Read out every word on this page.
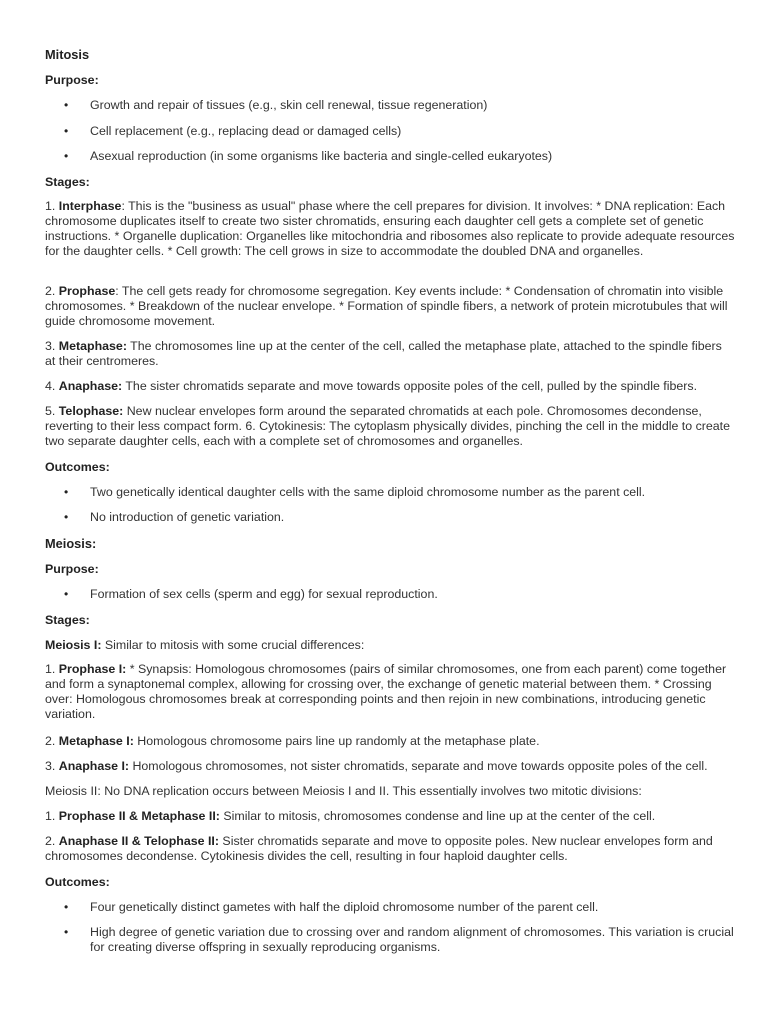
Mitosis

Purpose:

•	Growth and repair of tissues (e.g., skin cell renewal, tissue regeneration)

•	Cell replacement (e.g., replacing dead or damaged cells)

•	Asexual reproduction (in some organisms like bacteria and single-celled eukaryotes)

Stages:

1. Interphase: This is the "business as usual" phase where the cell prepares for division. It involves: * DNA replication: Each chromosome duplicates itself to create two sister chromatids, ensuring each daughter cell gets a complete set of genetic instructions. * Organelle duplication: Organelles like mitochondria and ribosomes also replicate to provide adequate resources for the daughter cells. * Cell growth: The cell grows in size to accommodate the doubled DNA and organelles.

2. Prophase: The cell gets ready for chromosome segregation. Key events include: * Condensation of chromatin into visible chromosomes. * Breakdown of the nuclear envelope. * Formation of spindle fibers, a network of protein microtubules that will guide chromosome movement.

3. Metaphase: The chromosomes line up at the center of the cell, called the metaphase plate, attached to the spindle fibers at their centromeres.

4. Anaphase: The sister chromatids separate and move towards opposite poles of the cell, pulled by the spindle fibers.

5. Telophase: New nuclear envelopes form around the separated chromatids at each pole. Chromosomes decondense, reverting to their less compact form. 6. Cytokinesis: The cytoplasm physically divides, pinching the cell in the middle to create two separate daughter cells, each with a complete set of chromosomes and organelles.

Outcomes:

•	Two genetically identical daughter cells with the same diploid chromosome number as the parent cell.

•	No introduction of genetic variation.

Meiosis:

Purpose:

•	Formation of sex cells (sperm and egg) for sexual reproduction.

Stages:

Meiosis I: Similar to mitosis with some crucial differences:

1. Prophase I: * Synapsis: Homologous chromosomes (pairs of similar chromosomes, one from each parent) come together and form a synaptonemal complex, allowing for crossing over, the exchange of genetic material between them. * Crossing over: Homologous chromosomes break at corresponding points and then rejoin in new combinations, introducing genetic variation.

2. Metaphase I: Homologous chromosome pairs line up randomly at the metaphase plate.

3. Anaphase I: Homologous chromosomes, not sister chromatids, separate and move towards opposite poles of the cell.

Meiosis II: No DNA replication occurs between Meiosis I and II. This essentially involves two mitotic divisions:

1. Prophase II & Metaphase II: Similar to mitosis, chromosomes condense and line up at the center of the cell.

2. Anaphase II & Telophase II: Sister chromatids separate and move to opposite poles. New nuclear envelopes form and chromosomes decondense. Cytokinesis divides the cell, resulting in four haploid daughter cells.

Outcomes:

•	Four genetically distinct gametes with half the diploid chromosome number of the parent cell.

•	High degree of genetic variation due to crossing over and random alignment of chromosomes. This variation is crucial for creating diverse offspring in sexually reproducing organisms.
